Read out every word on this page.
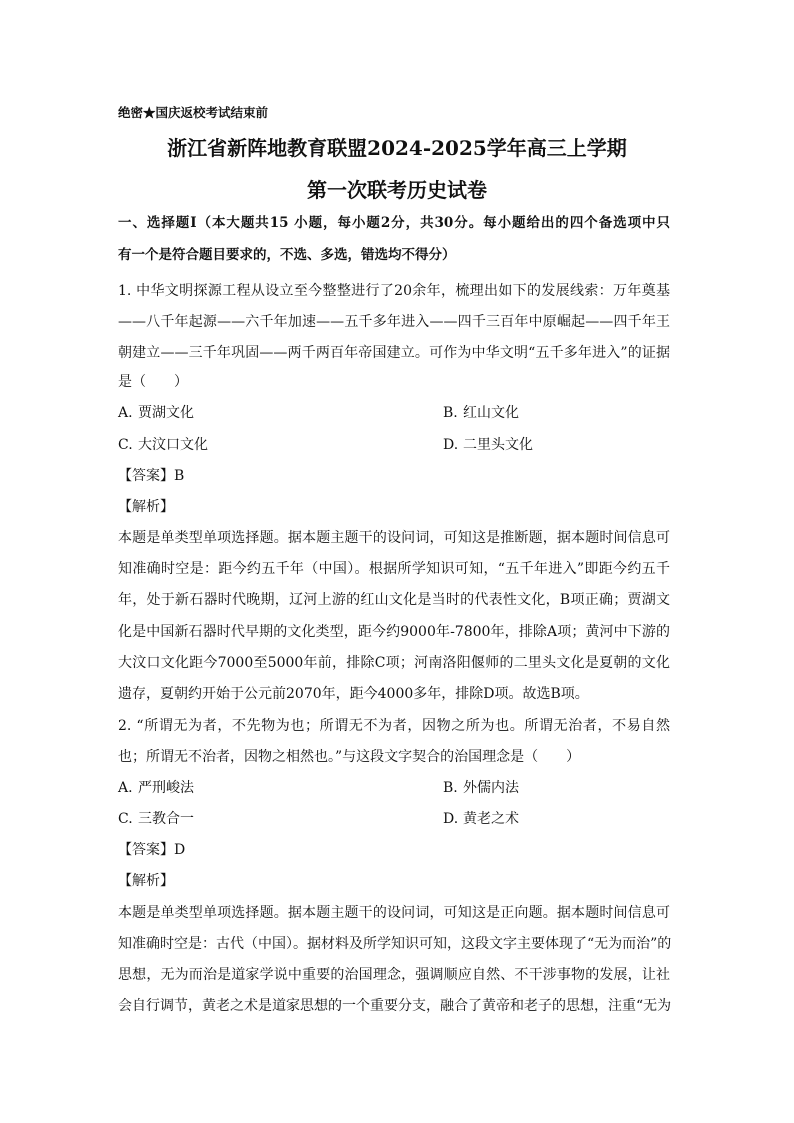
绝密★国庆返校考试结束前
浙江省新阵地教育联盟2024-2025学年高三上学期
第一次联考历史试卷
一、选择题Ⅰ（本大题共15 小题，每小题2分，共30分。每小题给出的四个备选项中只
有一个是符合题目要求的，不选、多选，错选均不得分）
1. 中华文明探源工程从设立至今整整进行了20余年，梳理出如下的发展线索：万年奠基
——八千年起源——六千年加速——五千多年进入——四千三百年中原崛起——四千年王
朝建立——三千年巩固——两千两百年帝国建立。可作为中华文明“五千多年进入”的证据
是（　　）
A. 贾湖文化	B. 红山文化
C. 大汶口文化	D. 二里头文化
【答案】B
【解析】
本题是单类型单项选择题。据本题主题干的设问词，可知这是推断题，据本题时间信息可
知准确时空是：距今约五千年（中国）。根据所学知识可知，“五千年进入”即距今约五千
年，处于新石器时代晚期，辽河上游的红山文化是当时的代表性文化，B项正确；贾湖文
化是中国新石器时代早期的文化类型，距今约9000年-7800年，排除A项；黄河中下游的
大汶口文化距今7000至5000年前，排除C项；河南洛阳偃师的二里头文化是夏朝的文化
遗存，夏朝约开始于公元前2070年，距今4000多年，排除D项。故选B项。
2. “所谓无为者，不先物为也；所谓无不为者，因物之所为也。所谓无治者，不易自然
也；所谓无不治者，因物之相然也。”与这段文字契合的治国理念是（　　）
A. 严刑峻法	B. 外儒内法
C. 三教合一	D. 黄老之术
【答案】D
【解析】
本题是单类型单项选择题。据本题主题干的设问词，可知这是正向题。据本题时间信息可
知准确时空是：古代（中国）。据材料及所学知识可知，这段文字主要体现了“无为而治”的
思想，无为而治是道家学说中重要的治国理念，强调顺应自然、不干涉事物的发展，让社
会自行调节，黄老之术是道家思想的一个重要分支，融合了黄帝和老子的思想，注重“无为
